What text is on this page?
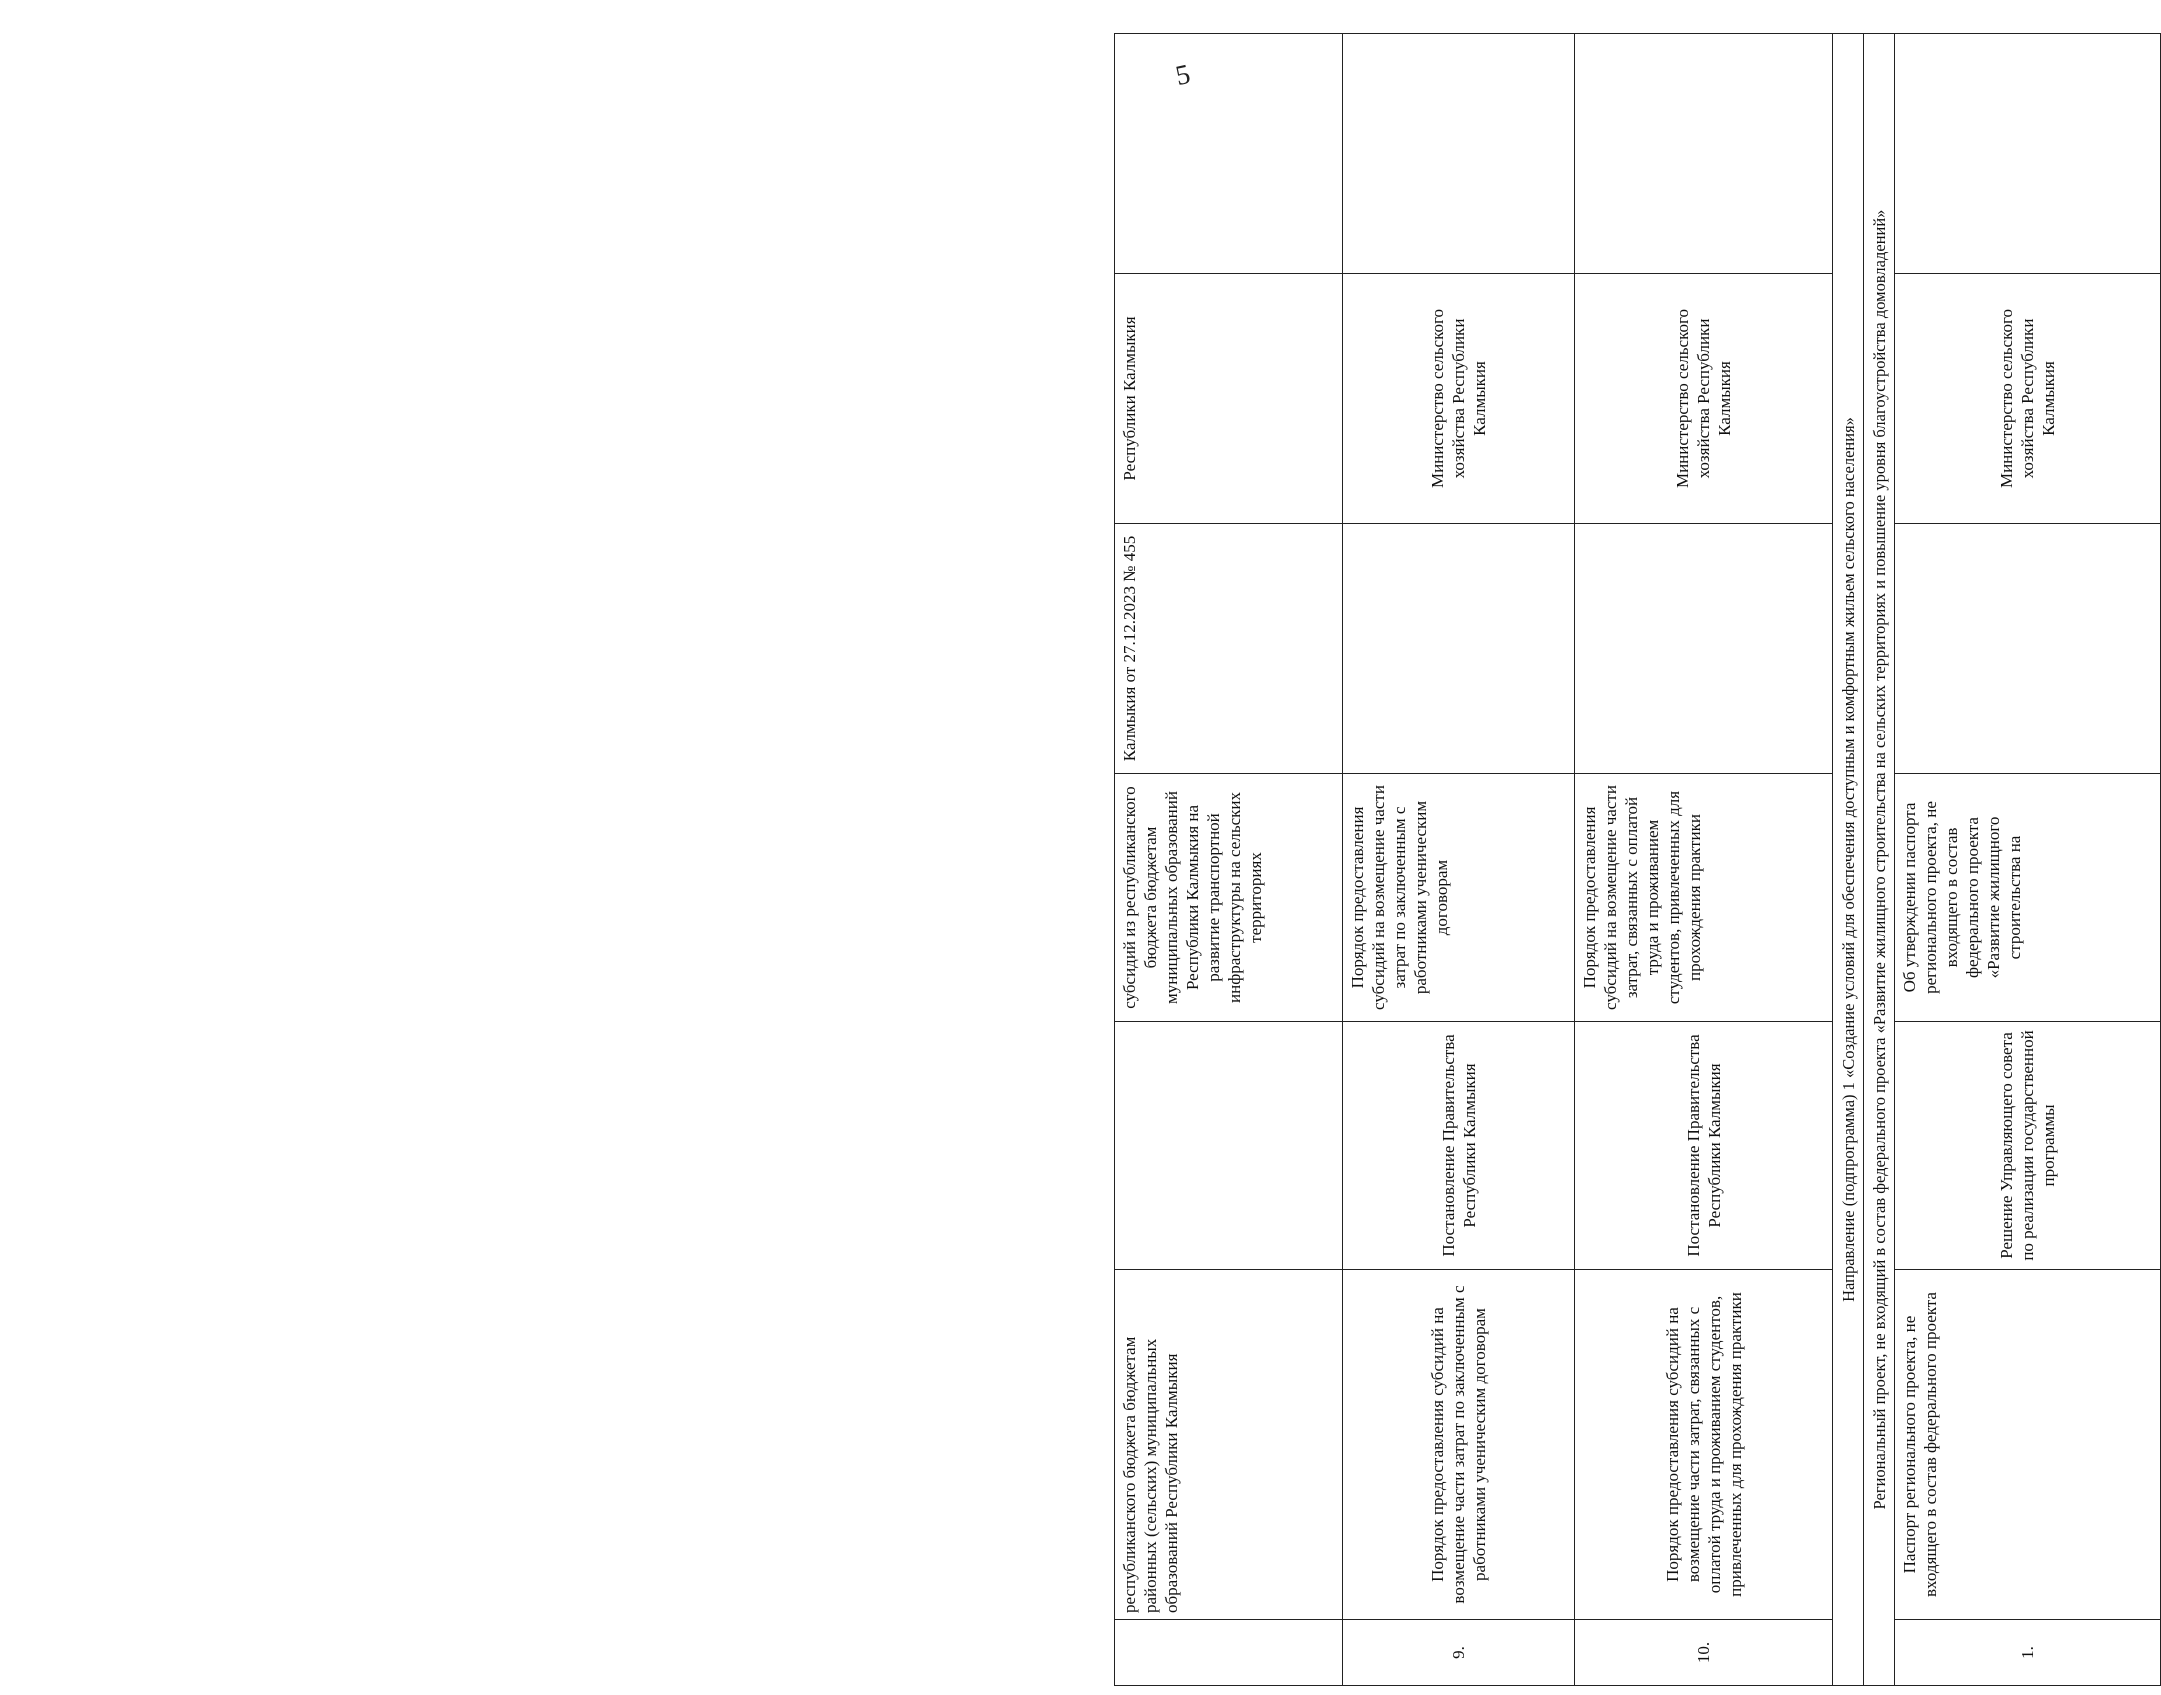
5
	республиканского бюджета бюджетам районных (сельских) муниципальных образований Республики Калмыкия		субсидий из республиканского бюджета бюджетам муниципальных образований Республики Калмыкия на развитие транспортной инфраструктуры на сельских территориях	Калмыкия от 27.12.2023 № 455	Республики Калмыкия	
9.	Порядок предоставления субсидий на возмещение части затрат по заключенным с работниками ученическим договорам	Постановление Правительства Республики Калмыкия	Порядок предоставления субсидий на возмещение части затрат по заключенным с работниками ученическим договорам		Министерство сельского хозяйства Республики Калмыкия	
10.	Порядок предоставления субсидий на возмещение части затрат, связанных с оплатой труда и проживанием студентов, привлеченных для прохождения практики	Постановление Правительства Республики Калмыкия	Порядок предоставления субсидий на возмещение части затрат, связанных с оплатой труда и проживанием студентов, привлеченных для прохождения практики		Министерство сельского хозяйства Республики Калмыкия	
Направление (подпрограмма) 1 «Создание условий для обеспечения доступным и комфортным жильем сельского населения»						
Региональный проект, не входящий в состав федерального проекта «Развитие жилищного строительства на сельских территориях и повышение уровня благоустройства домовладений»						
1.	Паспорт регионального проекта, не входящего в состав федерального проекта	Решение Управляющего совета по реализации государственной программы	Об утверждении паспорта регионального проекта, не входящего в состав федерального проекта «Развитие жилищного строительства на		Министерство сельского хозяйства Республики Калмыкия	
